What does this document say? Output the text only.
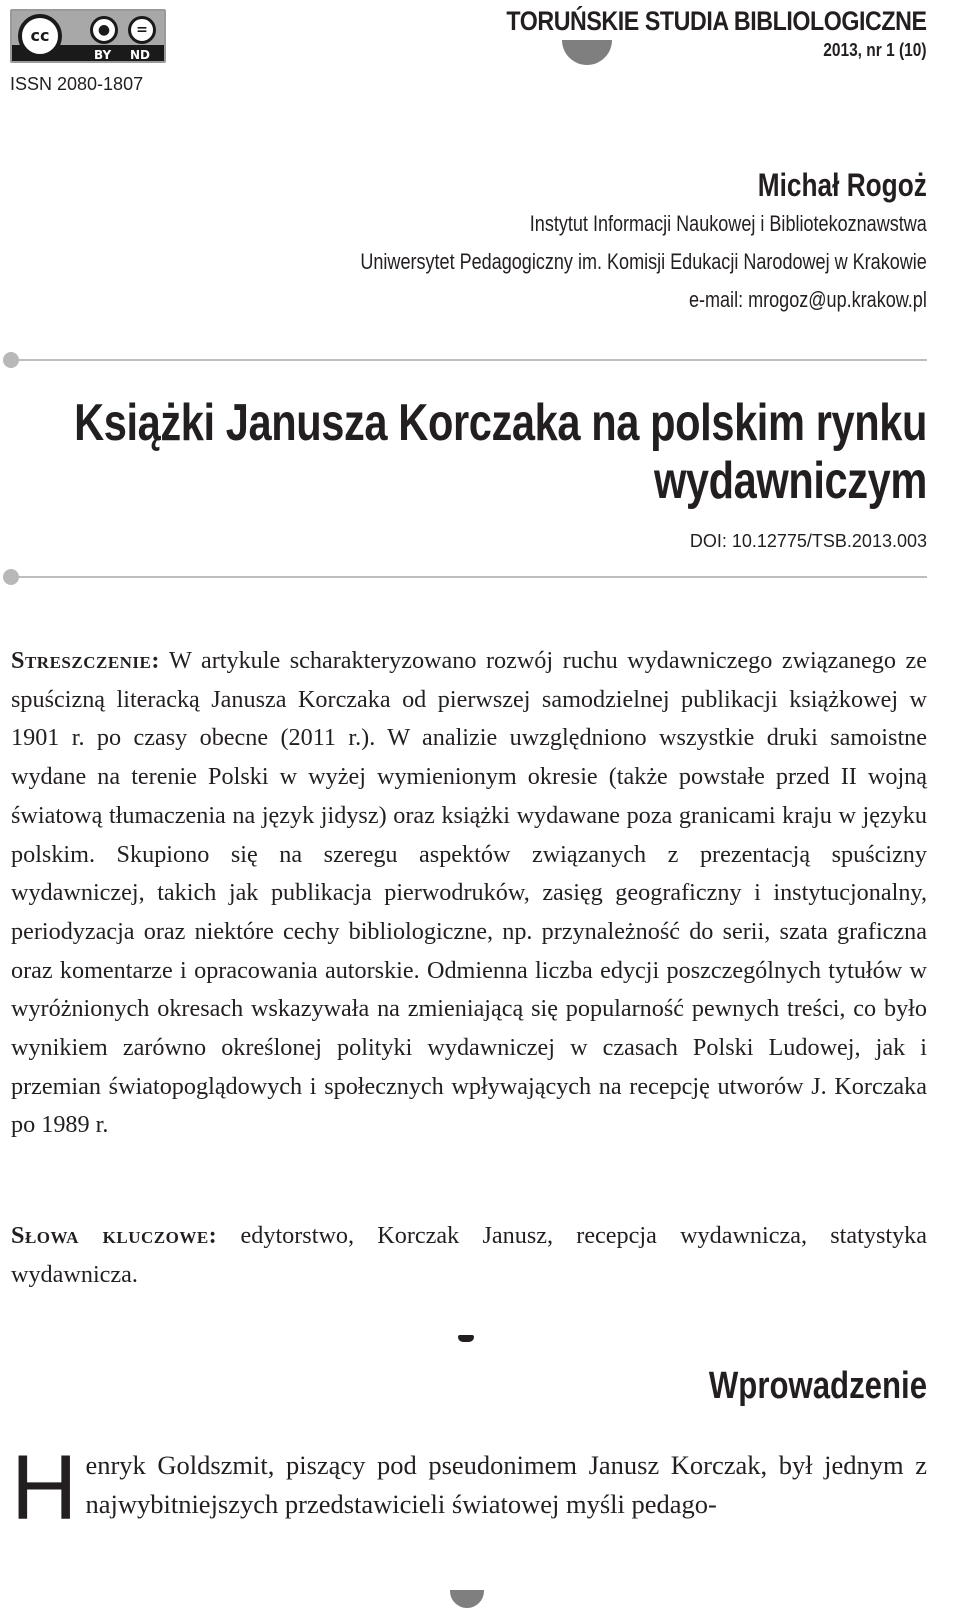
cc	●	=
BY ND
ISSN 2080-1807
TORUŃSKIE STUDIA BIBLIOLOGICZNE
2013, nr 1 (10)
Michał Rogoż
Instytut Informacji Naukowej i Bibliotekoznawstwa
Uniwersytet Pedagogiczny im. Komisji Edukacji Narodowej w Krakowie
e-mail: mrogoz@up.krakow.pl
Książki Janusza Korczaka na polskim rynku
wydawniczym
DOI: 10.12775/TSB.2013.003
Streszczenie: W artykule scharakteryzowano rozwój ruchu wydawniczego związanego ze spuścizną literacką Janusza Korczaka od pierwszej samodzielnej publikacji książkowej w 1901 r. po czasy obecne (2011 r.). W analizie uwzględniono wszystkie druki samoistne wydane na terenie Polski w wyżej wymienionym okresie (także powstałe przed II wojną światową tłumaczenia na język jidysz) oraz książki wydawane poza granicami kraju w języku polskim. Skupiono się na szeregu aspektów związanych z prezentacją spuścizny wydawniczej, takich jak publikacja pierwodruków, zasięg geograficzny i instytucjonalny, periodyzacja oraz niektóre cechy bibliologiczne, np. przynależność do serii, szata graficzna oraz komentarze i opracowania autorskie. Odmienna liczba edycji poszczególnych tytułów w wyróżnionych okresach wskazywała na zmieniającą się popularność pewnych treści, co było wynikiem zarówno określonej polityki wydawniczej w czasach Polski Ludowej, jak i przemian światopoglądowych i społecznych wpływających na recepcję utworów J. Korczaka po 1989 r.
Słowa kluczowe: edytorstwo, Korczak Janusz, recepcja wydawnicza, statystyka wydawnicza.
Wprowadzenie
Henryk Goldszmit, piszący pod pseudonimem Janusz Korczak, był jednym z najwybitniejszych przedstawicieli światowej myśli pedago-
